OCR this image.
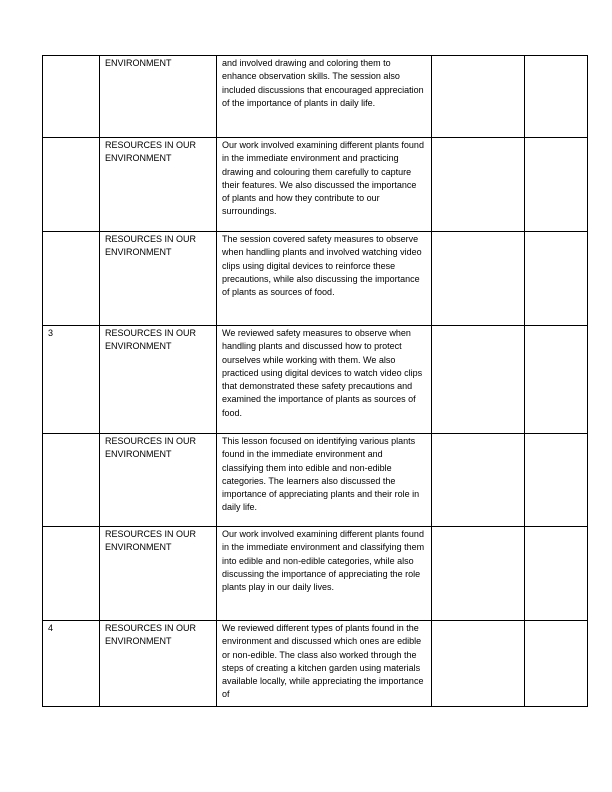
	ENVIRONMENT	and involved drawing and coloring them to enhance observation skills. The session also included discussions that encouraged appreciation of the importance of plants in daily life.		
	RESOURCES IN OUR ENVIRONMENT	Our work involved examining different plants found in the immediate environment and practicing drawing and colouring them carefully to capture their features. We also discussed the importance of plants and how they contribute to our surroundings.		
	RESOURCES IN OUR ENVIRONMENT	The session covered safety measures to observe when handling plants and involved watching video clips using digital devices to reinforce these precautions, while also discussing the importance of plants as sources of food.		
3	RESOURCES IN OUR ENVIRONMENT	We reviewed safety measures to observe when handling plants and discussed how to protect ourselves while working with them. We also practiced using digital devices to watch video clips that demonstrated these safety precautions and examined the importance of plants as sources of food.		
	RESOURCES IN OUR ENVIRONMENT	This lesson focused on identifying various plants found in the immediate environment and classifying them into edible and non-edible categories. The learners also discussed the importance of appreciating plants and their role in daily life.		
	RESOURCES IN OUR ENVIRONMENT	Our work involved examining different plants found in the immediate environment and classifying them into edible and non-edible categories, while also discussing the importance of appreciating the role plants play in our daily lives.		
4	RESOURCES IN OUR ENVIRONMENT	We reviewed different types of plants found in the environment and discussed which ones are edible or non-edible. The class also worked through the steps of creating a kitchen garden using materials available locally, while appreciating the importance of		
